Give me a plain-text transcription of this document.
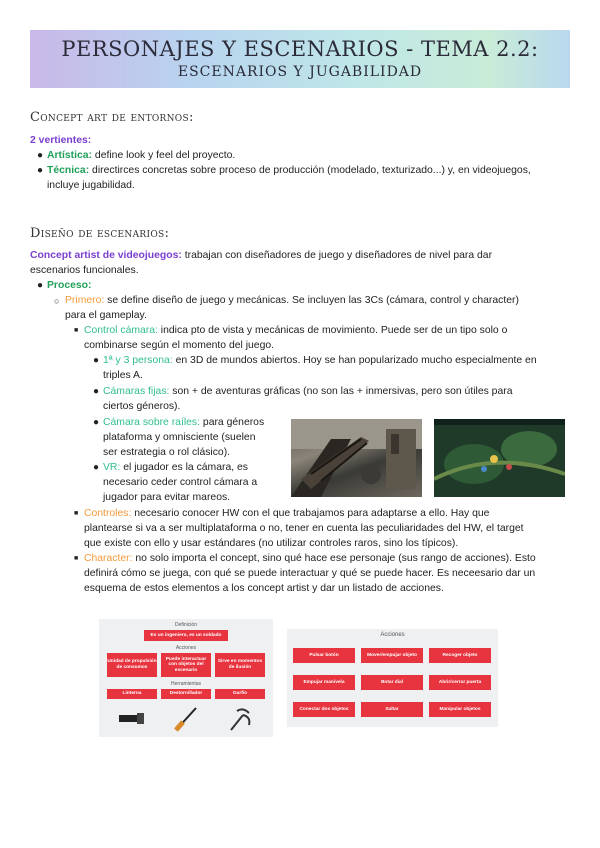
PERSONAJES Y ESCENARIOS - TEMA 2.2:
ESCENARIOS Y JUGABILIDAD
Concept art de entornos:
2 vertientes:
● Artística: define look y feel del proyecto.
● Técnica: directirces concretas sobre proceso de producción (modelado, texturizado...) y, en videojuegos,
incluye jugabilidad.
Diseño de escenarios:
Concept artist de videojuegos: trabajan con diseñadores de juego y diseñadores de nivel para dar
escenarios funcionales.
● Proceso:
○ Primero: se define diseño de juego y mecánicas. Se incluyen las 3Cs (cámara, control y character)
para el gameplay.
■ Control cámara: indica pto de vista y mecánicas de movimiento. Puede ser de un tipo solo o
combinarse según el momento del juego.
● 1ª y 3 persona: en 3D de mundos abiertos. Hoy se han popularizado mucho especialmente en
triples A.
● Cámaras fijas: son + de aventuras gráficas (no son las + inmersivas, pero son útiles para
ciertos géneros).
● Cámara sobre raíles: para géneros
plataforma y omnisciente (suelen
ser estrategia o rol clásico).
● VR: el jugador es la cámara, es
necesario ceder control cámara a
jugador para evitar mareos.
■ Controles: necesario conocer HW con el que trabajamos para adaptarse a ello. Hay que
plantearse si va a ser multiplataforma o no, tener en cuenta las peculiaridades del HW, el target
que existe con ello y usar estándares (no utilizar controles raros, sino los típicos).
■ Character: no solo importa el concept, sino qué hace ese personaje (sus rango de acciones). Esto
definirá cómo se juega, con qué se puede interactuar y qué se puede hacer. Es neceesario dar un
esquema de estos elementos a los concept artist y dar un listado de acciones.
Definición
Es un ingeniero, es un soldado
Acciones
Unidad de propulsión de consumos
Puede interactuar con objetos del escenario
Sirve en momentos de ilusión
Herramientas
Linterna	Destornillador	Garfio
Acciones
Pulsar botón	Mover/empujar objeto	Recoger objeto
Empujar manivela	Botar dial	Abrir/cerrar puerta
Conectar dos objetos	Saltar	Manipular objetos
